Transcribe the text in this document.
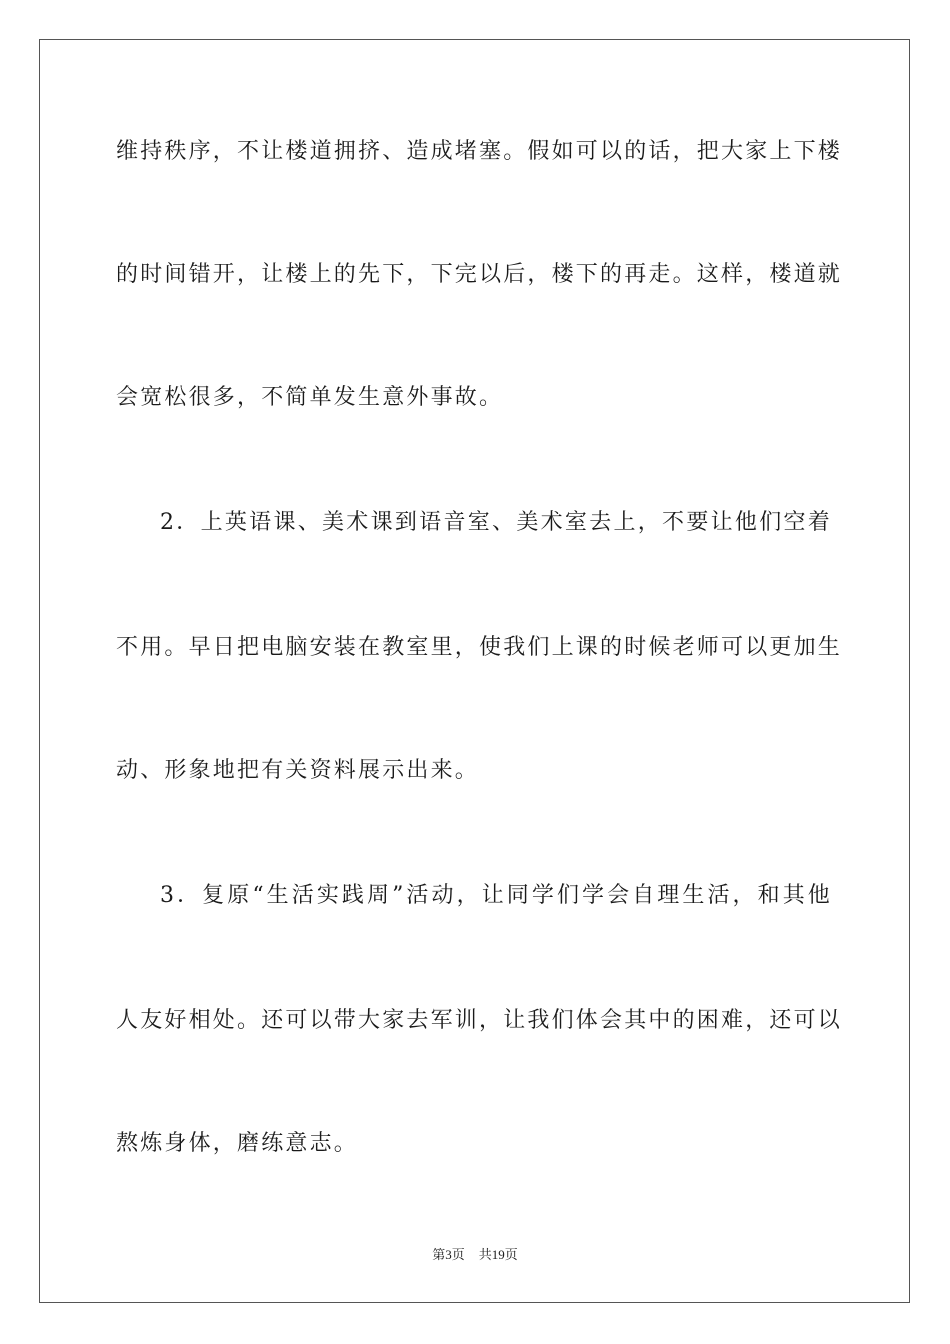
维持秩序，不让楼道拥挤、造成堵塞。假如可以的话，把大家上下楼
的时间错开，让楼上的先下，下完以后，楼下的再走。这样，楼道就
会宽松很多，不简单发生意外事故。
2．上英语课、美术课到语音室、美术室去上，不要让他们空着
不用。早日把电脑安装在教室里，使我们上课的时候老师可以更加生
动、形象地把有关资料展示出来。
3．复原“生活实践周”活动，让同学们学会自理生活，和其他
人友好相处。还可以带大家去军训，让我们体会其中的困难，还可以
熬炼身体，磨练意志。
第3页 共19页
